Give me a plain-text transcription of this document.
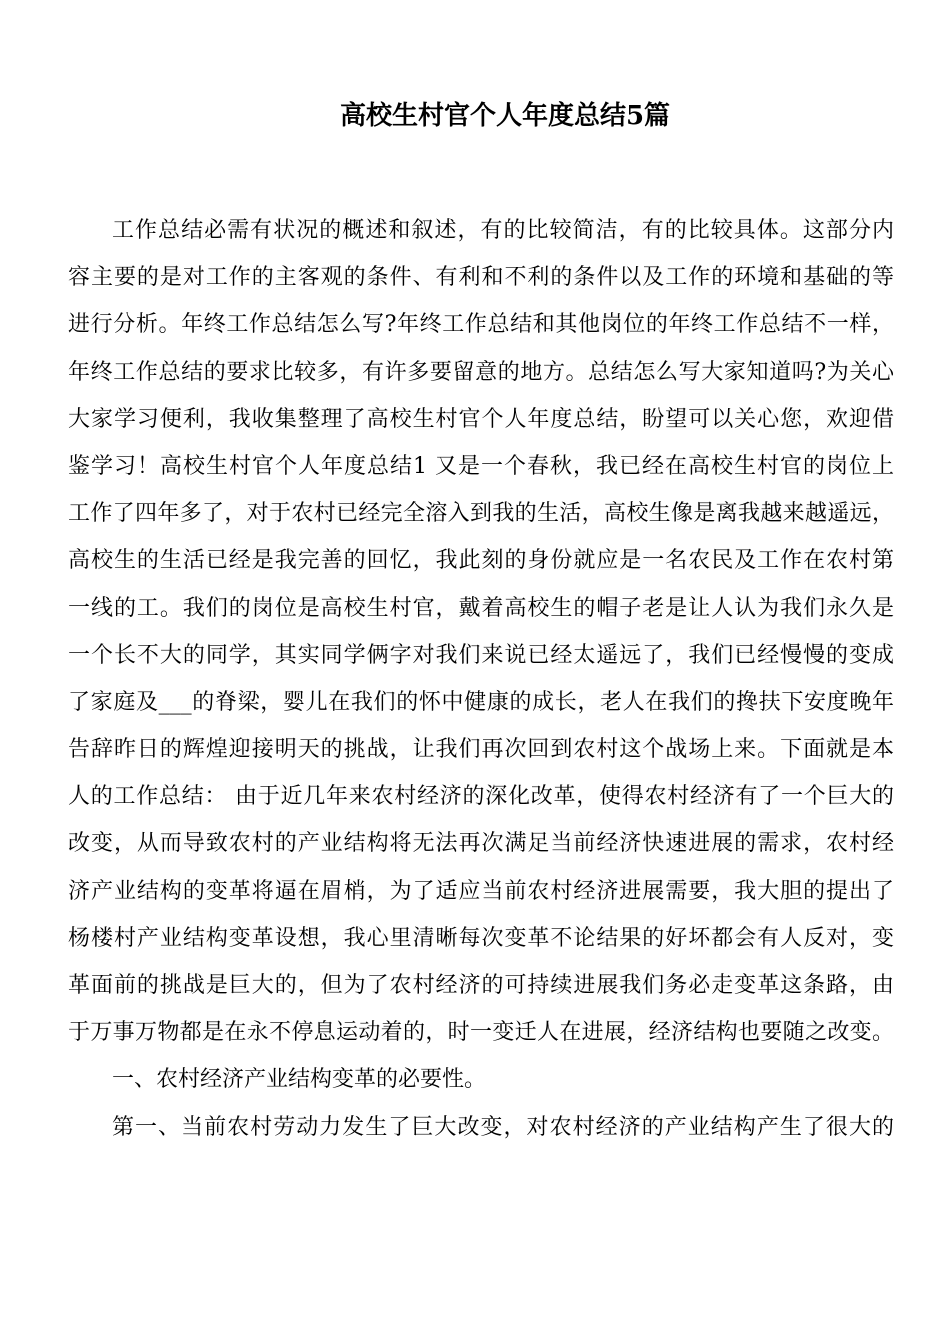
高校生村官个人年度总结5篇
工作总结必需有状况的概述和叙述，有的比较简洁，有的比较具体。这部分内
容主要的是对工作的主客观的条件、有利和不利的条件以及工作的环境和基础的等
进行分析。年终工作总结怎么写?年终工作总结和其他岗位的年终工作总结不一样，
年终工作总结的要求比较多，有许多要留意的地方。总结怎么写大家知道吗?为关心
大家学习便利，我收集整理了高校生村官个人年度总结，盼望可以关心您，欢迎借
鉴学习！高校生村官个人年度总结1 又是一个春秋，我已经在高校生村官的岗位上
工作了四年多了，对于农村已经完全溶入到我的生活，高校生像是离我越来越遥远，
高校生的生活已经是我完善的回忆，我此刻的身份就应是一名农民及工作在农村第
一线的工。我们的岗位是高校生村官，戴着高校生的帽子老是让人认为我们永久是
一个长不大的同学，其实同学俩字对我们来说已经太遥远了，我们已经慢慢的变成
了家庭及___的脊梁，婴儿在我们的怀中健康的成长，老人在我们的搀扶下安度晚年
告辞昨日的辉煌迎接明天的挑战，让我们再次回到农村这个战场上来。下面就是本
人的工作总结： 由于近几年来农村经济的深化改革，使得农村经济有了一个巨大的
改变，从而导致农村的产业结构将无法再次满足当前经济快速进展的需求，农村经
济产业结构的变革将逼在眉梢，为了适应当前农村经济进展需要，我大胆的提出了
杨楼村产业结构变革设想，我心里清晰每次变革不论结果的好坏都会有人反对，变
革面前的挑战是巨大的，但为了农村经济的可持续进展我们务必走变革这条路，由
于万事万物都是在永不停息运动着的，时一变迁人在进展，经济结构也要随之改变。
一、农村经济产业结构变革的必要性。
第一、当前农村劳动力发生了巨大改变，对农村经济的产业结构产生了很大的
